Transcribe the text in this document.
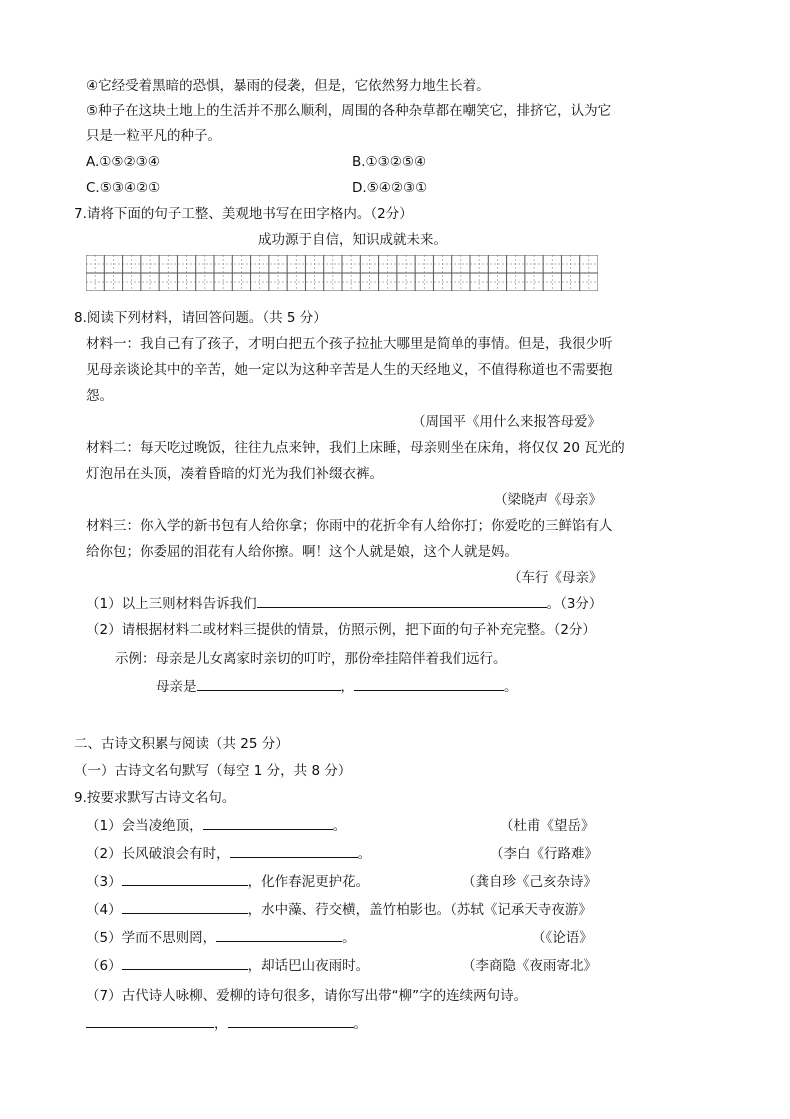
④它经受着黑暗的恐惧，暴雨的侵袭，但是，它依然努力地生长着。
⑤种子在这块土地上的生活并不那么顺利，周围的各种杂草都在嘲笑它，排挤它，认为它
只是一粒平凡的种子。
A.①⑤②③④	B.①③②⑤④
C.⑤③④②①	D.⑤④②③①
7.请将下面的句子工整、美观地书写在田字格内。（2分）
成功源于自信，知识成就未来。
8.阅读下列材料，请回答问题。（共 5 分）
材料一：我自己有了孩子，才明白把五个孩子拉扯大哪里是简单的事情。但是，我很少听
见母亲谈论其中的辛苦，她一定以为这种辛苦是人生的天经地义，不值得称道也不需要抱
怨。
（周国平《用什么来报答母爱》
材料二：每天吃过晚饭，往往九点来钟，我们上床睡，母亲则坐在床角，将仅仅 20 瓦光的
灯泡吊在头顶，凑着昏暗的灯光为我们补缀衣裤。
（梁晓声《母亲》
材料三：你入学的新书包有人给你拿；你雨中的花折伞有人给你打；你爱吃的三鲜馅有人
给你包；你委屈的泪花有人给你擦。啊！这个人就是娘，这个人就是妈。
（车行《母亲》
（1）以上三则材料告诉我们	。（3分）
（2）请根据材料二或材料三提供的情景，仿照示例，把下面的句子补充完整。（2分）
示例：母亲是儿女离家时亲切的叮咛，那份牵挂陪伴着我们远行。
母亲是	，	。
二、古诗文积累与阅读（共 25 分）
（一）古诗文名句默写（每空 1 分，共 8 分）
9.按要求默写古诗文名句。
（1）会当凌绝顶，	。	（杜甫《望岳》
（2）长风破浪会有时，	。	（李白《行路难》
（3）	，化作春泥更护花。	（龚自珍《己亥杂诗》
（4）	，水中藻、荇交横，盖竹柏影也。（苏轼《记承天寺夜游》
（5）学而不思则罔，	。	（《论语》
（6）	，却话巴山夜雨时。	（李商隐《夜雨寄北》
（7）古代诗人咏柳、爱柳的诗句很多，请你写出带“柳”字的连续两句诗。
，	。
